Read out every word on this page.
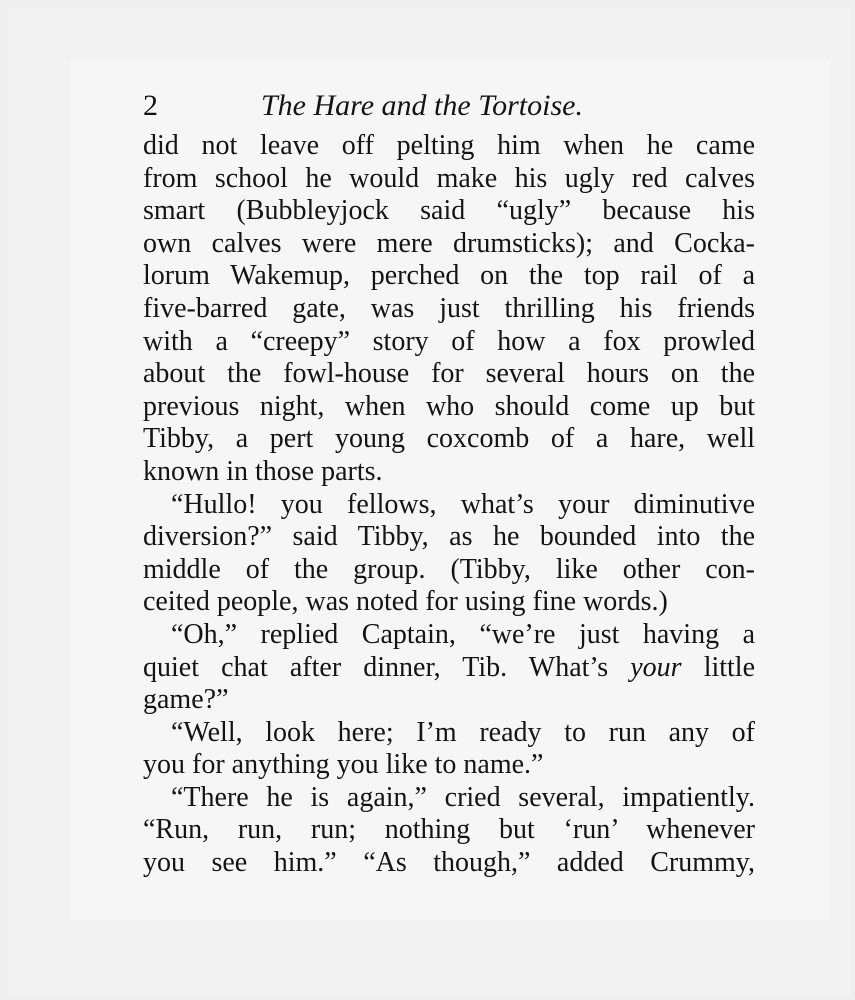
2	The Hare and the Tortoise.
did not leave off pelting him when he came
from school he would make his ugly red calves
smart (Bubbleyjock said “ugly” because his
own calves were mere drumsticks); and Cocka-
lorum Wakemup, perched on the top rail of a
five-barred gate, was just thrilling his friends
with a “creepy” story of how a fox prowled
about the fowl-house for several hours on the
previous night, when who should come up but
Tibby, a pert young coxcomb of a hare, well
known in those parts.
“Hullo! you fellows, what’s your diminutive
diversion?” said Tibby, as he bounded into the
middle of the group. (Tibby, like other con-
ceited people, was noted for using fine words.)
“Oh,” replied Captain, “we’re just having a
quiet chat after dinner, Tib. What’s your little
game?”
“Well, look here; I’m ready to run any of
you for anything you like to name.”
“There he is again,” cried several, impatiently.
“Run, run, run; nothing but ‘run’ whenever
you see him.” “As though,” added Crummy,
